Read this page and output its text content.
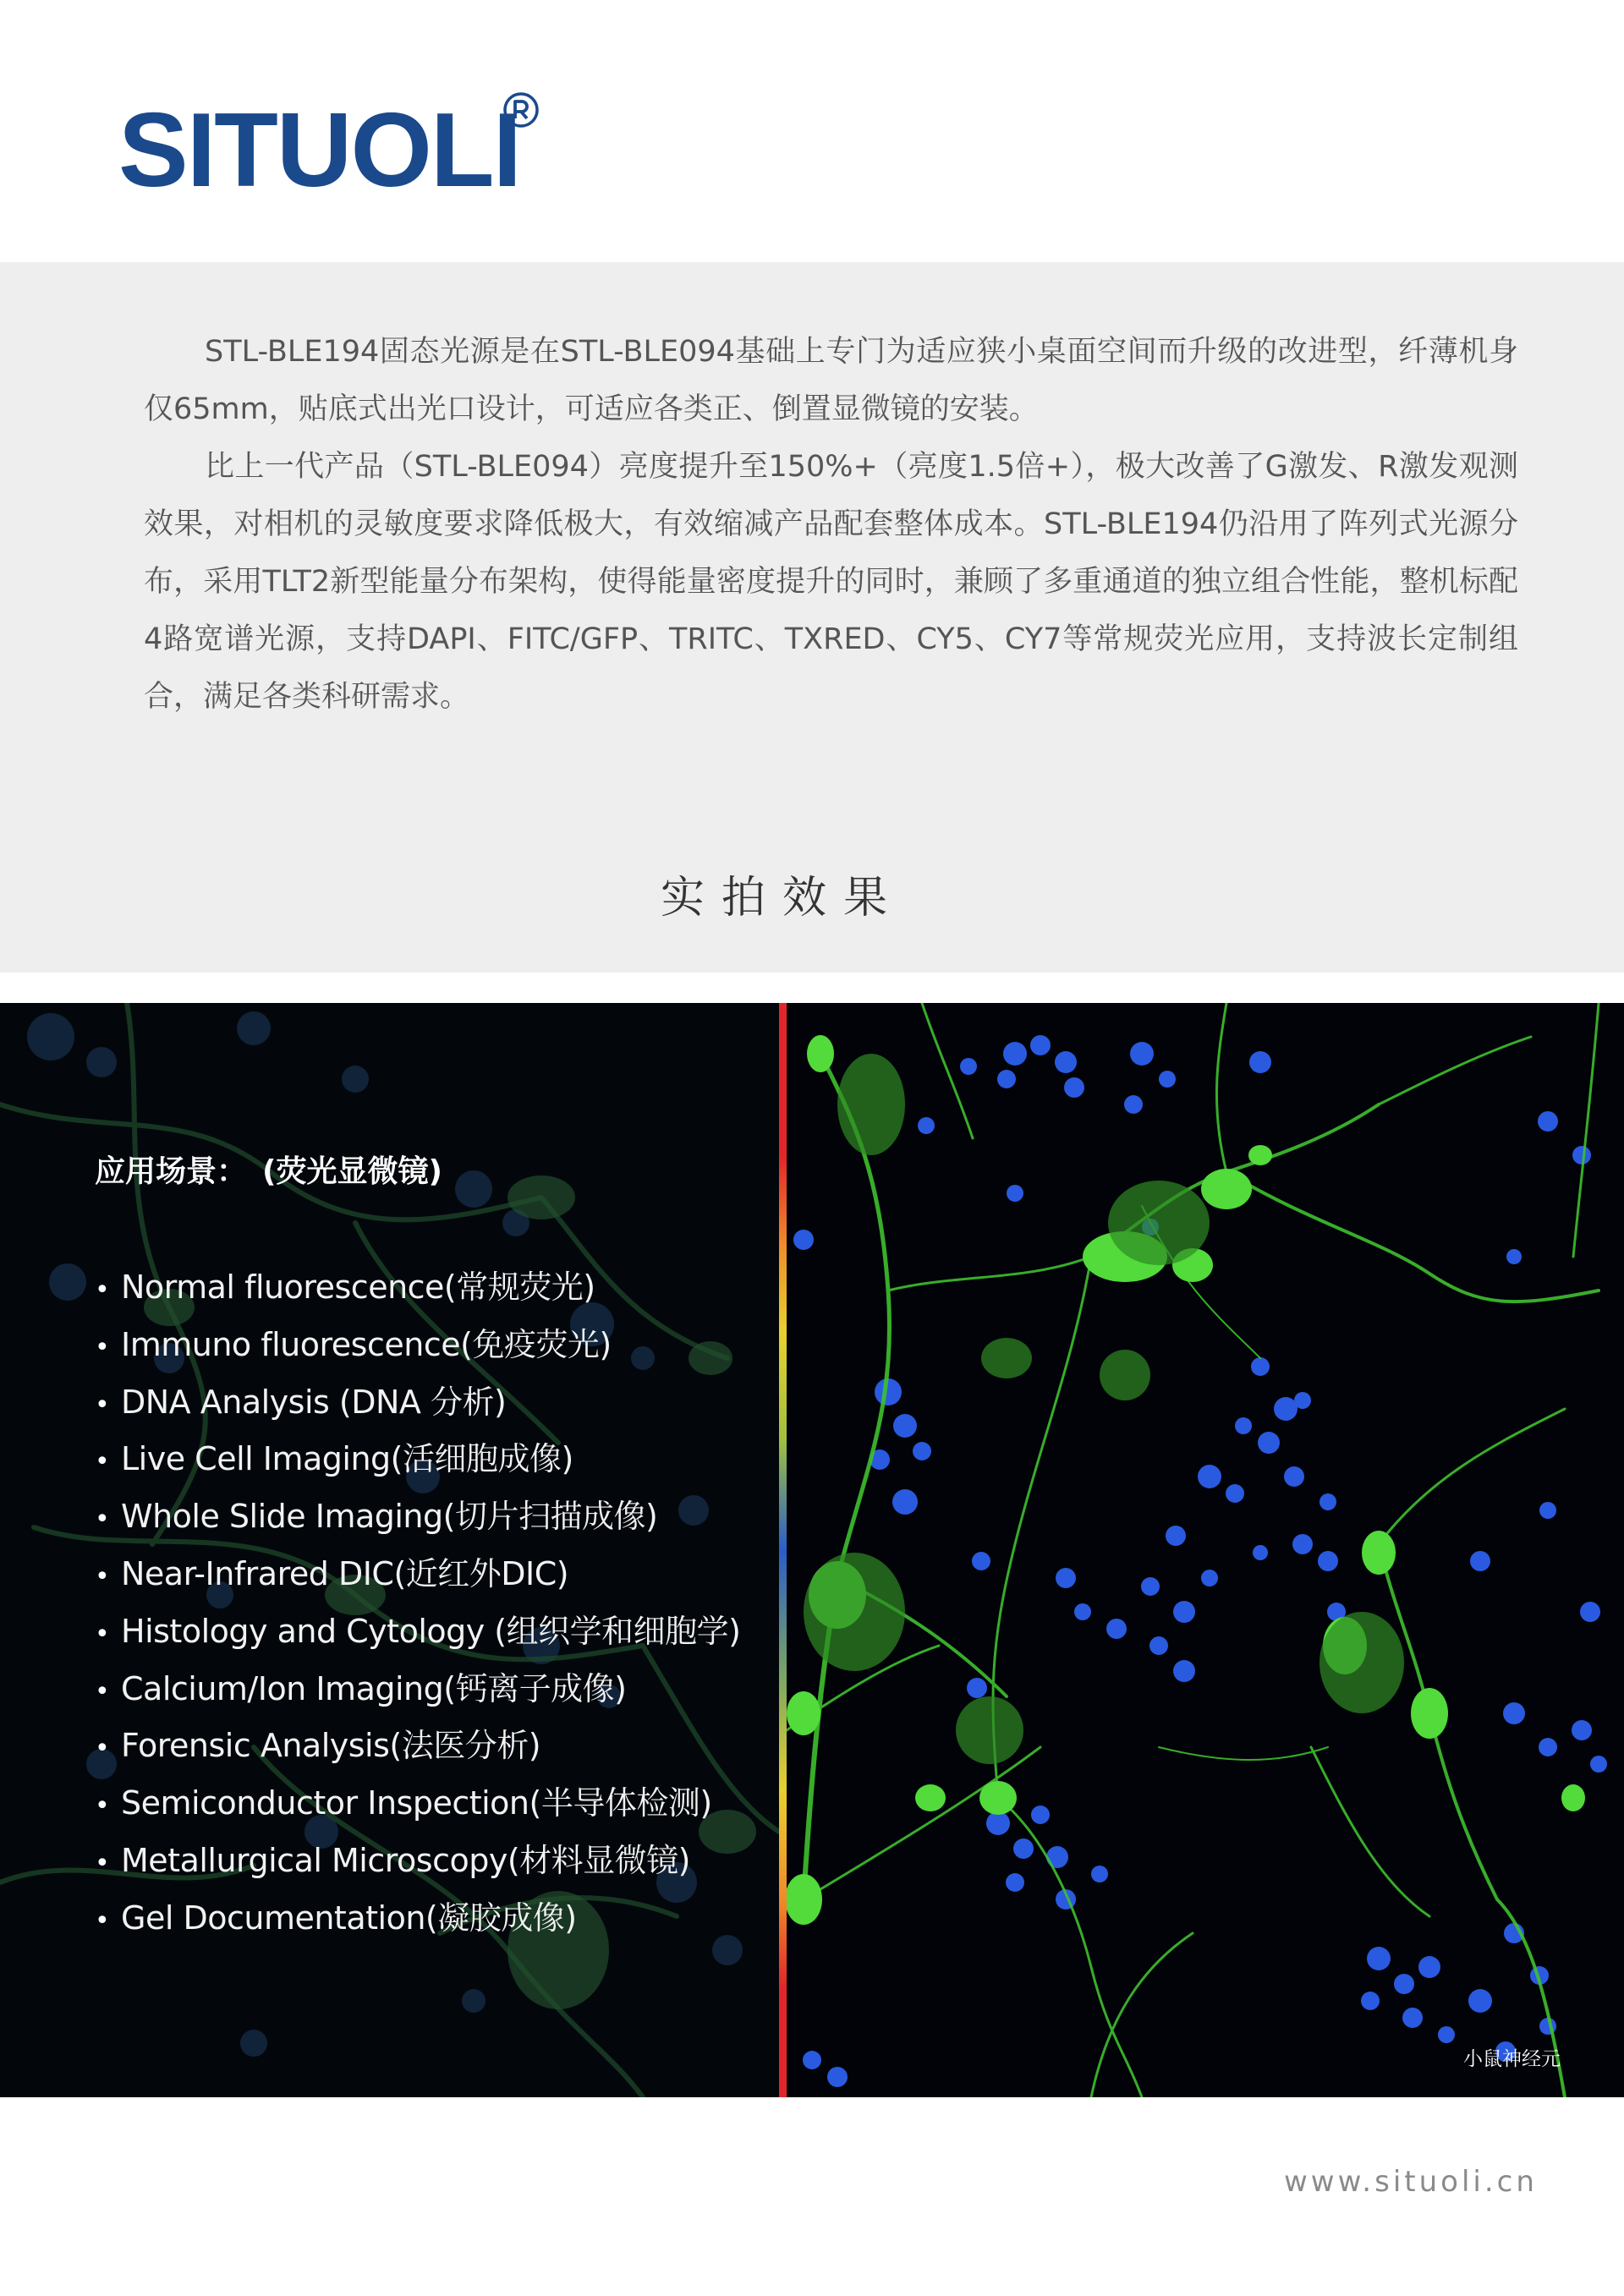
SITUOLI

STL-BLE194固态光源是在STL-BLE094基础上专门为适应狭小桌面空间而升级的改进型，纤薄机身仅65mm，贴底式出光口设计，可适应各类正、倒置显微镜的安装。

比上一代产品（STL-BLE094）亮度提升至150%+（亮度1.5倍+），极大改善了G激发、R激发观测效果，对相机的灵敏度要求降低极大，有效缩减产品配套整体成本。STL-BLE194仍沿用了阵列式光源分布，采用TLT2新型能量分布架构，使得能量密度提升的同时，兼顾了多重通道的独立组合性能，整机标配4路宽谱光源，支持DAPI、FITC/GFP、TRITC、TXRED、CY5、CY7等常规荧光应用，支持波长定制组合，满足各类科研需求。

实拍效果
小鼠神经元
应用场景：　(荧光显微镜)
• Normal fluorescence(常规荧光)
• Immuno fluorescence(免疫荧光)
• DNA Analysis (DNA 分析)
• Live Cell Imaging(活细胞成像)
• Whole Slide Imaging(切片扫描成像)
• Near-Infrared DIC(近红外DIC)
• Histology and Cytology (组织学和细胞学)
• Calcium/Ion Imaging(钙离子成像)
• Forensic Analysis(法医分析)
• Semiconductor Inspection(半导体检测)
• Metallurgical Microscopy(材料显微镜)
• Gel Documentation(凝胶成像)
www.situoli.cn
